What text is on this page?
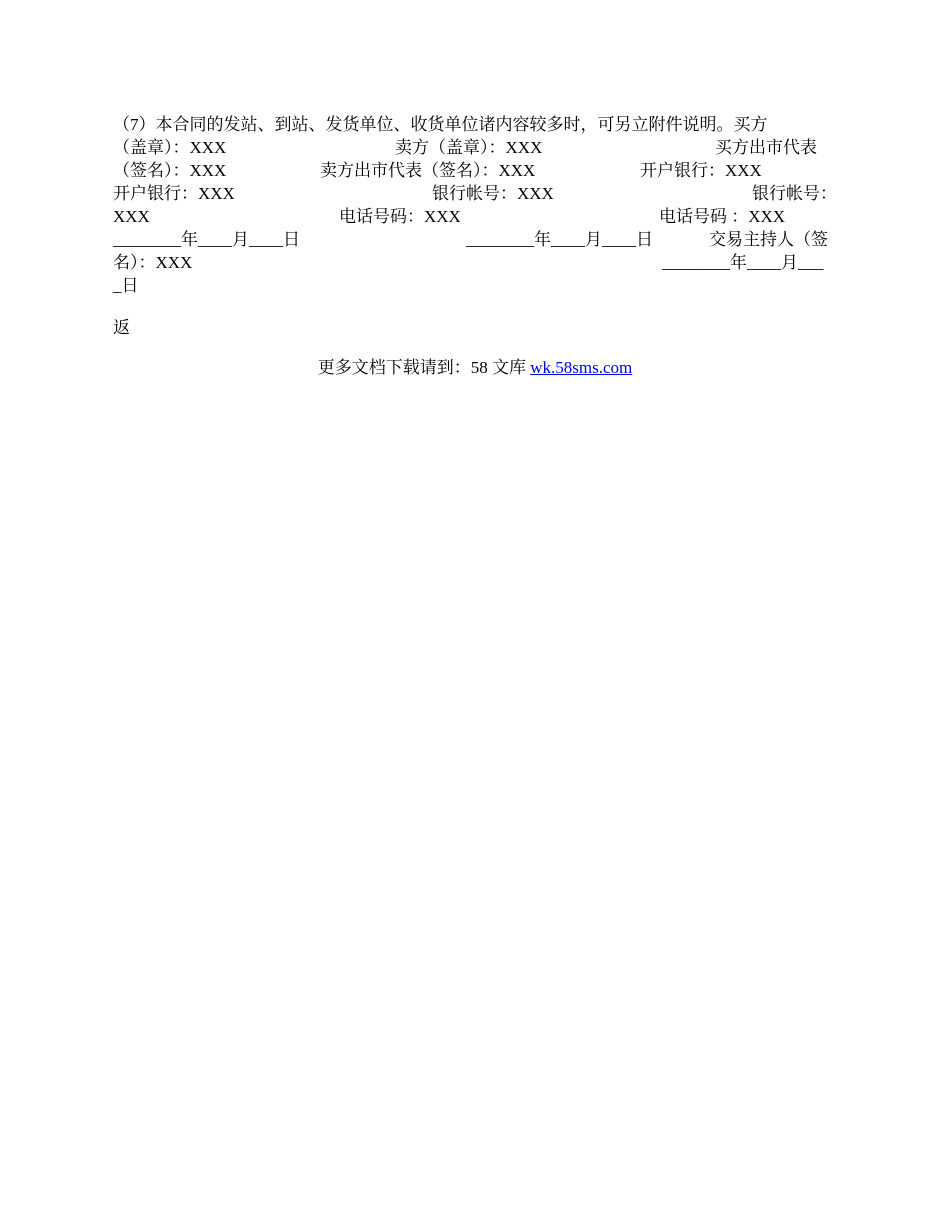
（7）本合同的发站、到站、发货单位、收货单位诸内容较多时，可另立附件说明。买方
（盖章）：XXX	卖方（盖章）：XXX	买方出市代表
（签名）：XXX	卖方出市代表（签名）：XXX	开户银行：XXX
开户银行：XXX	银行帐号：XXX	银行帐号：
XXX	电话号码：XXX	电话号码 ：XXX
________年____月____日	________年____月____日	交易主持人（签
名）：XXX	________年____月___
_日
返
更多文档下载请到：58 文库 wk.58sms.com
